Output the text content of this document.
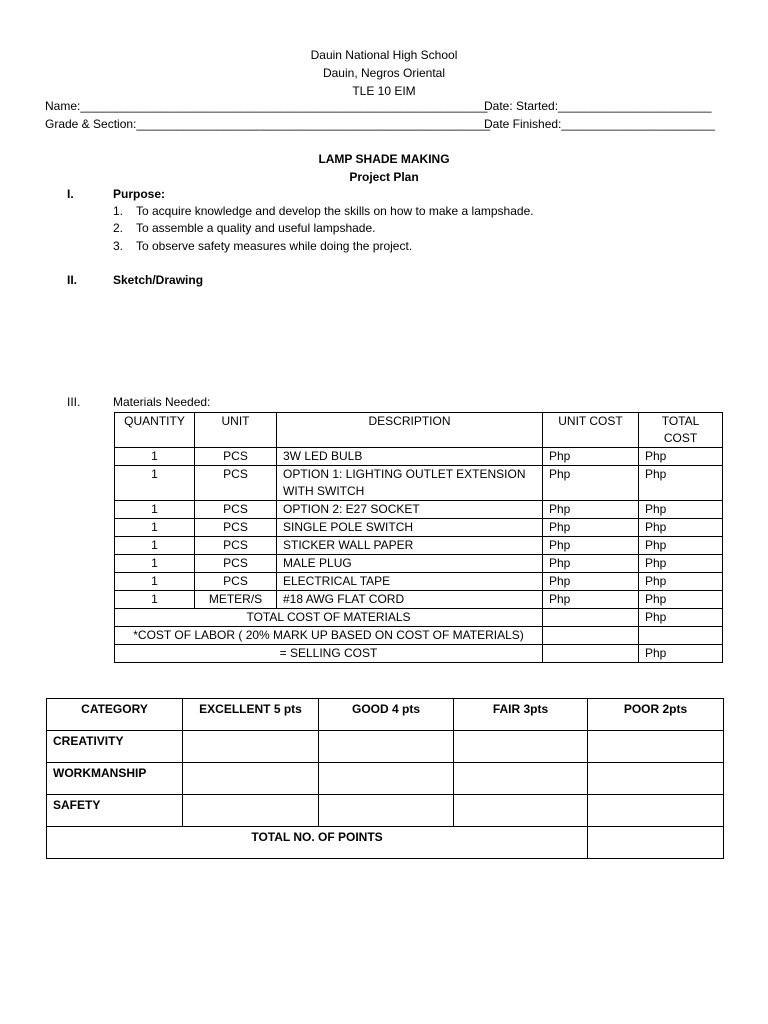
Dauin National High School
Dauin, Negros Oriental
TLE 10 EIM
Name:_____________________________________________________________
Date: Started:_______________________
Grade & Section:_____________________________________________________
Date Finished:_______________________
LAMP SHADE MAKING
Project Plan
I.	Purpose:
1. To acquire knowledge and develop the skills on how to make a lampshade.
2. To assemble a quality and useful lampshade.
3. To observe safety measures while doing the project.
II.	Sketch/Drawing
III.	Materials Needed:
QUANTITY	UNIT	DESCRIPTION	UNIT COST	TOTAL COST
1	PCS	3W LED BULB	Php	Php
1	PCS	OPTION 1: LIGHTING OUTLET EXTENSION WITH SWITCH	Php	Php
1	PCS	OPTION 2: E27 SOCKET	Php	Php
1	PCS	SINGLE POLE SWITCH	Php	Php
1	PCS	STICKER WALL PAPER	Php	Php
1	PCS	MALE PLUG	Php	Php
1	PCS	ELECTRICAL TAPE	Php	Php
1	METER/S	#18 AWG FLAT CORD	Php	Php
TOTAL COST OF MATERIALS				Php
*COST OF LABOR ( 20% MARK UP BASED ON COST OF MATERIALS)				
= SELLING COST				Php
CATEGORY	EXCELLENT 5 pts	GOOD 4 pts	FAIR 3pts	POOR 2pts
CREATIVITY				
WORKMANSHIP				
SAFETY				
TOTAL NO. OF POINTS				
